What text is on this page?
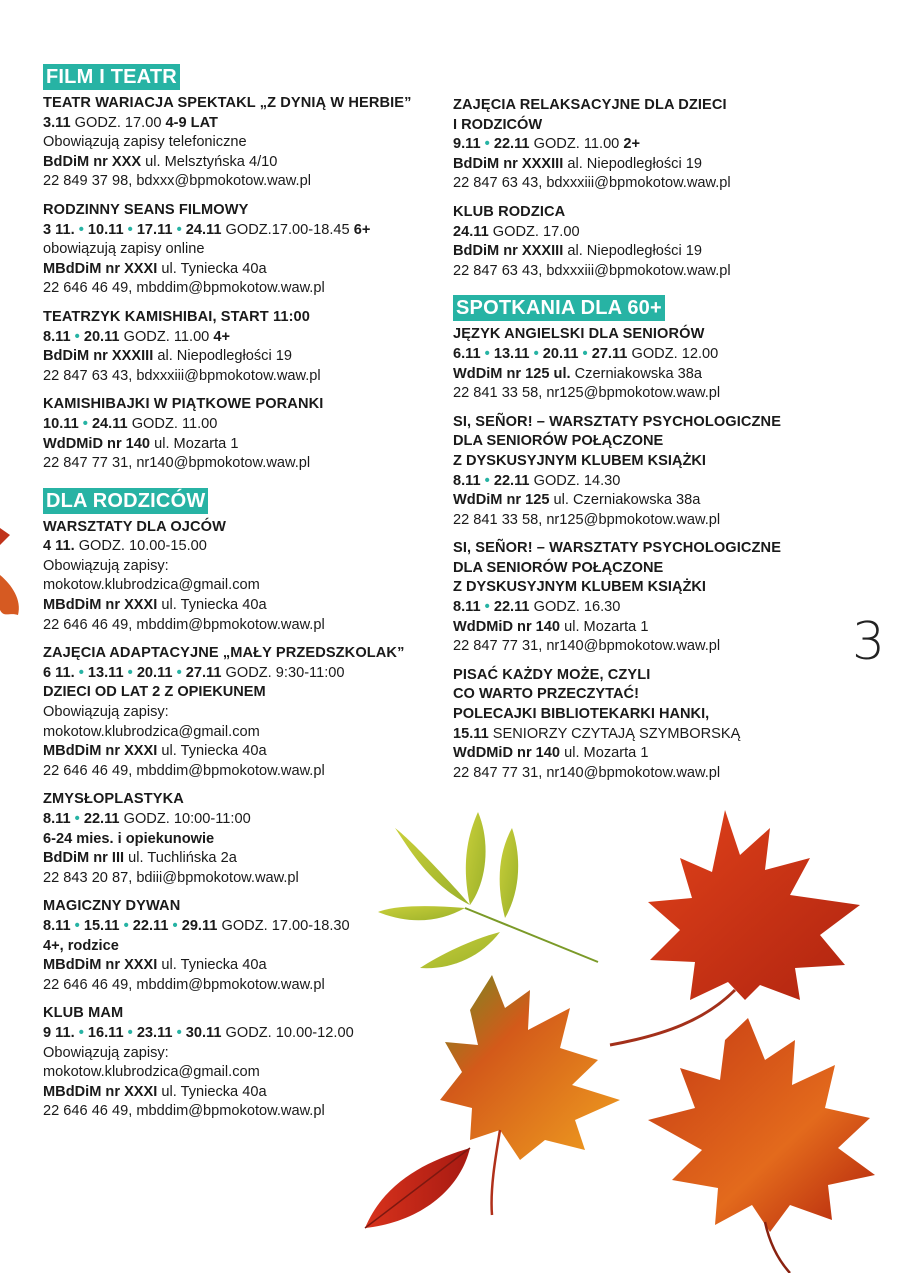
FILM I TEATR
TEATR WARIACJA SPEKTAKL „Z DYNIĄ W HERBIE”
3.11 GODZ. 17.00 4-9 LAT
Obowiązują zapisy telefoniczne
BdDiM nr XXX ul. Melsztyńska 4/10
22 849 37 98, bdxxx@bpmokotow.waw.pl
RODZINNY SEANS FILMOWY
3 11. • 10.11 • 17.11 • 24.11 GODZ.17.00-18.45 6+
obowiązują zapisy online
MBdDiM nr XXXI ul. Tyniecka 40a
22 646 46 49, mbddim@bpmokotow.waw.pl
TEATRZYK KAMISHIBAI, START 11:00
8.11 • 20.11 GODZ. 11.00 4+
BdDiM nr XXXIII al. Niepodległości 19
22 847 63 43, bdxxxiii@bpmokotow.waw.pl
KAMISHIBAJKI W PIĄTKOWE PORANKI
10.11 • 24.11 GODZ. 11.00
WdDMiD nr 140 ul. Mozarta 1
22 847 77 31, nr140@bpmokotow.waw.pl
DLA RODZICÓW
WARSZTATY DLA OJCÓW
4 11. GODZ. 10.00-15.00
Obowiązują zapisy:
mokotow.klubrodzica@gmail.com
MBdDiM nr XXXI ul. Tyniecka 40a
22 646 46 49, mbddim@bpmokotow.waw.pl
ZAJĘCIA ADAPTACYJNE „MAŁY PRZEDSZKOLAK”
6 11. • 13.11 • 20.11 • 27.11 GODZ. 9:30-11:00
DZIECI OD LAT 2 Z OPIEKUNEM
Obowiązują zapisy:
mokotow.klubrodzica@gmail.com
MBdDiM nr XXXI ul. Tyniecka 40a
22 646 46 49, mbddim@bpmokotow.waw.pl
ZMYSŁOPLASTYKA
8.11 • 22.11 GODZ. 10:00-11:00
6-24 mies. i opiekunowie
BdDiM nr III ul. Tuchlińska 2a
22 843 20 87, bdiii@bpmokotow.waw.pl
MAGICZNY DYWAN
8.11 • 15.11 • 22.11 • 29.11 GODZ. 17.00-18.30
4+, rodzice
MBdDiM nr XXXI ul. Tyniecka 40a
22 646 46 49, mbddim@bpmokotow.waw.pl
KLUB MAM
9 11. • 16.11 • 23.11 • 30.11 GODZ. 10.00-12.00
Obowiązują zapisy:
mokotow.klubrodzica@gmail.com
MBdDiM nr XXXI ul. Tyniecka 40a
22 646 46 49, mbddim@bpmokotow.waw.pl
ZAJĘCIA RELAKSACYJNE DLA DZIECI
I RODZICÓW
9.11 • 22.11 GODZ. 11.00 2+
BdDiM nr XXXIII al. Niepodległości 19
22 847 63 43, bdxxxiii@bpmokotow.waw.pl
KLUB RODZICA
24.11 GODZ. 17.00
BdDiM nr XXXIII al. Niepodległości 19
22 847 63 43, bdxxxiii@bpmokotow.waw.pl
SPOTKANIA DLA 60+
JĘZYK ANGIELSKI DLA SENIORÓW
6.11 • 13.11 • 20.11 • 27.11 GODZ. 12.00
WdDiM nr 125 ul. Czerniakowska 38a
22 841 33 58, nr125@bpmokotow.waw.pl
SI, SEÑOR! – WARSZTATY PSYCHOLOGICZNE
DLA SENIORÓW POŁĄCZONE
Z DYSKUSYJNYM KLUBEM KSIĄŻKI
8.11 • 22.11 GODZ. 14.30
WdDiM nr 125 ul. Czerniakowska 38a
22 841 33 58, nr125@bpmokotow.waw.pl
SI, SEÑOR! – WARSZTATY PSYCHOLOGICZNE
DLA SENIORÓW POŁĄCZONE
Z DYSKUSYJNYM KLUBEM KSIĄŻKI
8.11 • 22.11 GODZ. 16.30
WdDMiD nr 140 ul. Mozarta 1
22 847 77 31, nr140@bpmokotow.waw.pl
PISAĆ KAŻDY MOŻE, CZYLI
CO WARTO PRZECZYTAĆ!
POLECAJKI BIBLIOTEKARKI HANKI,
15.11 SENIORZY CZYTAJĄ SZYMBORSKĄ
WdDMiD nr 140 ul. Mozarta 1
22 847 77 31, nr140@bpmokotow.waw.pl
3
